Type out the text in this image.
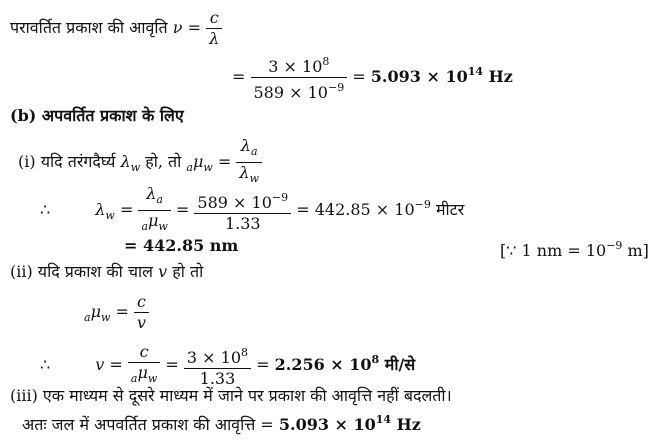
परावर्तित प्रकाश की आवृति $\nu = \frac{c}{\lambda}$
= $\frac{3 \times 10^8}{589 \times 10^{-9}} = 5.093 \times 10^{14}$ Hz
(b) अपवर्तित प्रकाश के लिए
(i) यदि तरंगदैर्घ्य $\lambda_w$ हो, तो $_a\mu_w = \frac{\lambda_a}{\lambda_w}$
∴	$\lambda_w = \frac{\lambda_a}{_a\mu_w} = \frac{589 \times 10^{-9}}{1.33} = 442.85 \times 10^{-9}$ मीटर
= 442.85 nm	[∵ 1 nm = $10^{-9}$ m]
(ii) यदि प्रकाश की चाल v हो तो
$_a\mu_w = \frac{c}{v}$
∴	$v = \frac{c}{_a\mu_w} = \frac{3 \times 10^8}{1.33} = 2.256 \times 10^8$ मी/से
(iii) एक माध्यम से दूसरे माध्यम में जाने पर प्रकाश की आवृत्ति नहीं बदलती।
अतः जल में अपवर्तित प्रकाश की आवृत्ति = $5.093 \times 10^{14}$ Hz
